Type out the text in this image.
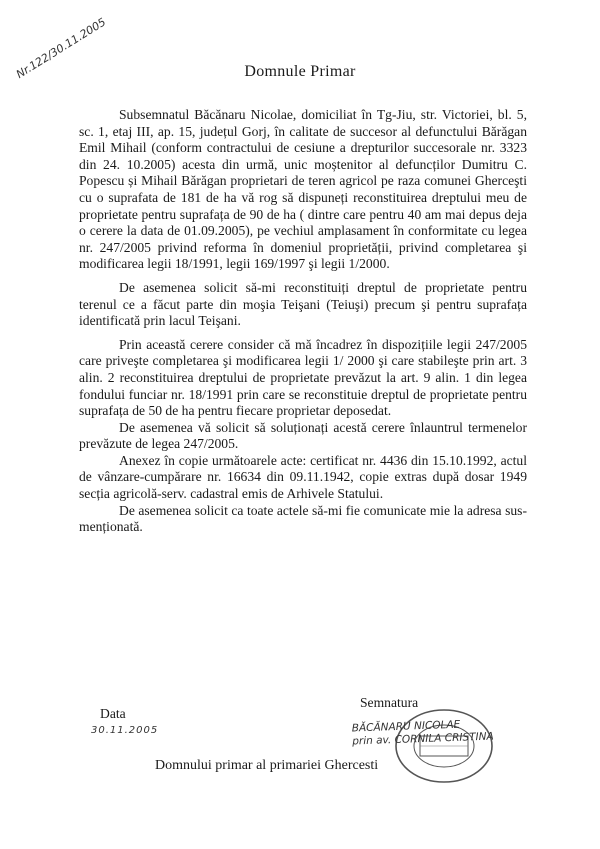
Nr.122/30.11.2005	Domnule Primar

Subsemnatul Băcănaru Nicolae, domiciliat în Tg-Jiu, str. Victoriei, bl. 5, sc. 1, etaj III, ap. 15, județul Gorj, în calitate de succesor al defunctului Bărăgan Emil Mihail (conform contractului de cesiune a drepturilor succesorale nr. 3323 din 24. 10.2005) acesta din urmă, unic moștenitor al defuncților Dumitru C. Popescu și Mihail Bărăgan proprietari de teren agricol pe raza comunei Gherceşti cu o suprafata de 181 de ha vă rog să dispuneți reconstituirea dreptului meu de proprietate pentru suprafața de 90 de ha ( dintre care pentru 40 am mai depus deja o cerere la data de 01.09.2005), pe vechiul amplasament în conformitate cu legea nr. 247/2005 privind reforma în domeniul proprietății, privind completarea şi modificarea legii 18/1991, legii 169/1997 şi legii 1/2000.

De asemenea solicit să-mi reconstituiți dreptul de proprietate pentru terenul ce a făcut parte din moşia Teişani (Teiuşi) precum şi pentru suprafața identificată prin lacul Teişani.

Prin această cerere consider că mă încadrez în dispozițiile legii 247/2005 care priveşte completarea şi modificarea legii 1/ 2000 şi care stabileşte prin art. 3 alin. 2 reconstituirea dreptului de proprietate prevăzut la art. 9 alin. 1 din legea fondului funciar nr. 18/1991 prin care se reconstituie dreptul de proprietate pentru suprafața de 50 de ha pentru fiecare proprietar deposedat.

De asemenea vă solicit să soluționați acestă cerere înlauntrul termenelor prevăzute de legea 247/2005.

Anexez în copie următoarele acte: certificat nr. 4436 din 15.10.1992, actul de vânzare-cumpărare nr. 16634 din 09.11.1942, copie extras după dosar 1949 secția agricolă-serv. cadastral emis de Arhivele Statului.

De asemenea solicit ca toate actele să-mi fie comunicate mie la adresa sus-menționată.

Semnatura
Data
30.11.2005	BĂCĂNARU NICOLAE
prin av. CORNILA CRISTINA
Domnului primar al primariei Ghercesti
